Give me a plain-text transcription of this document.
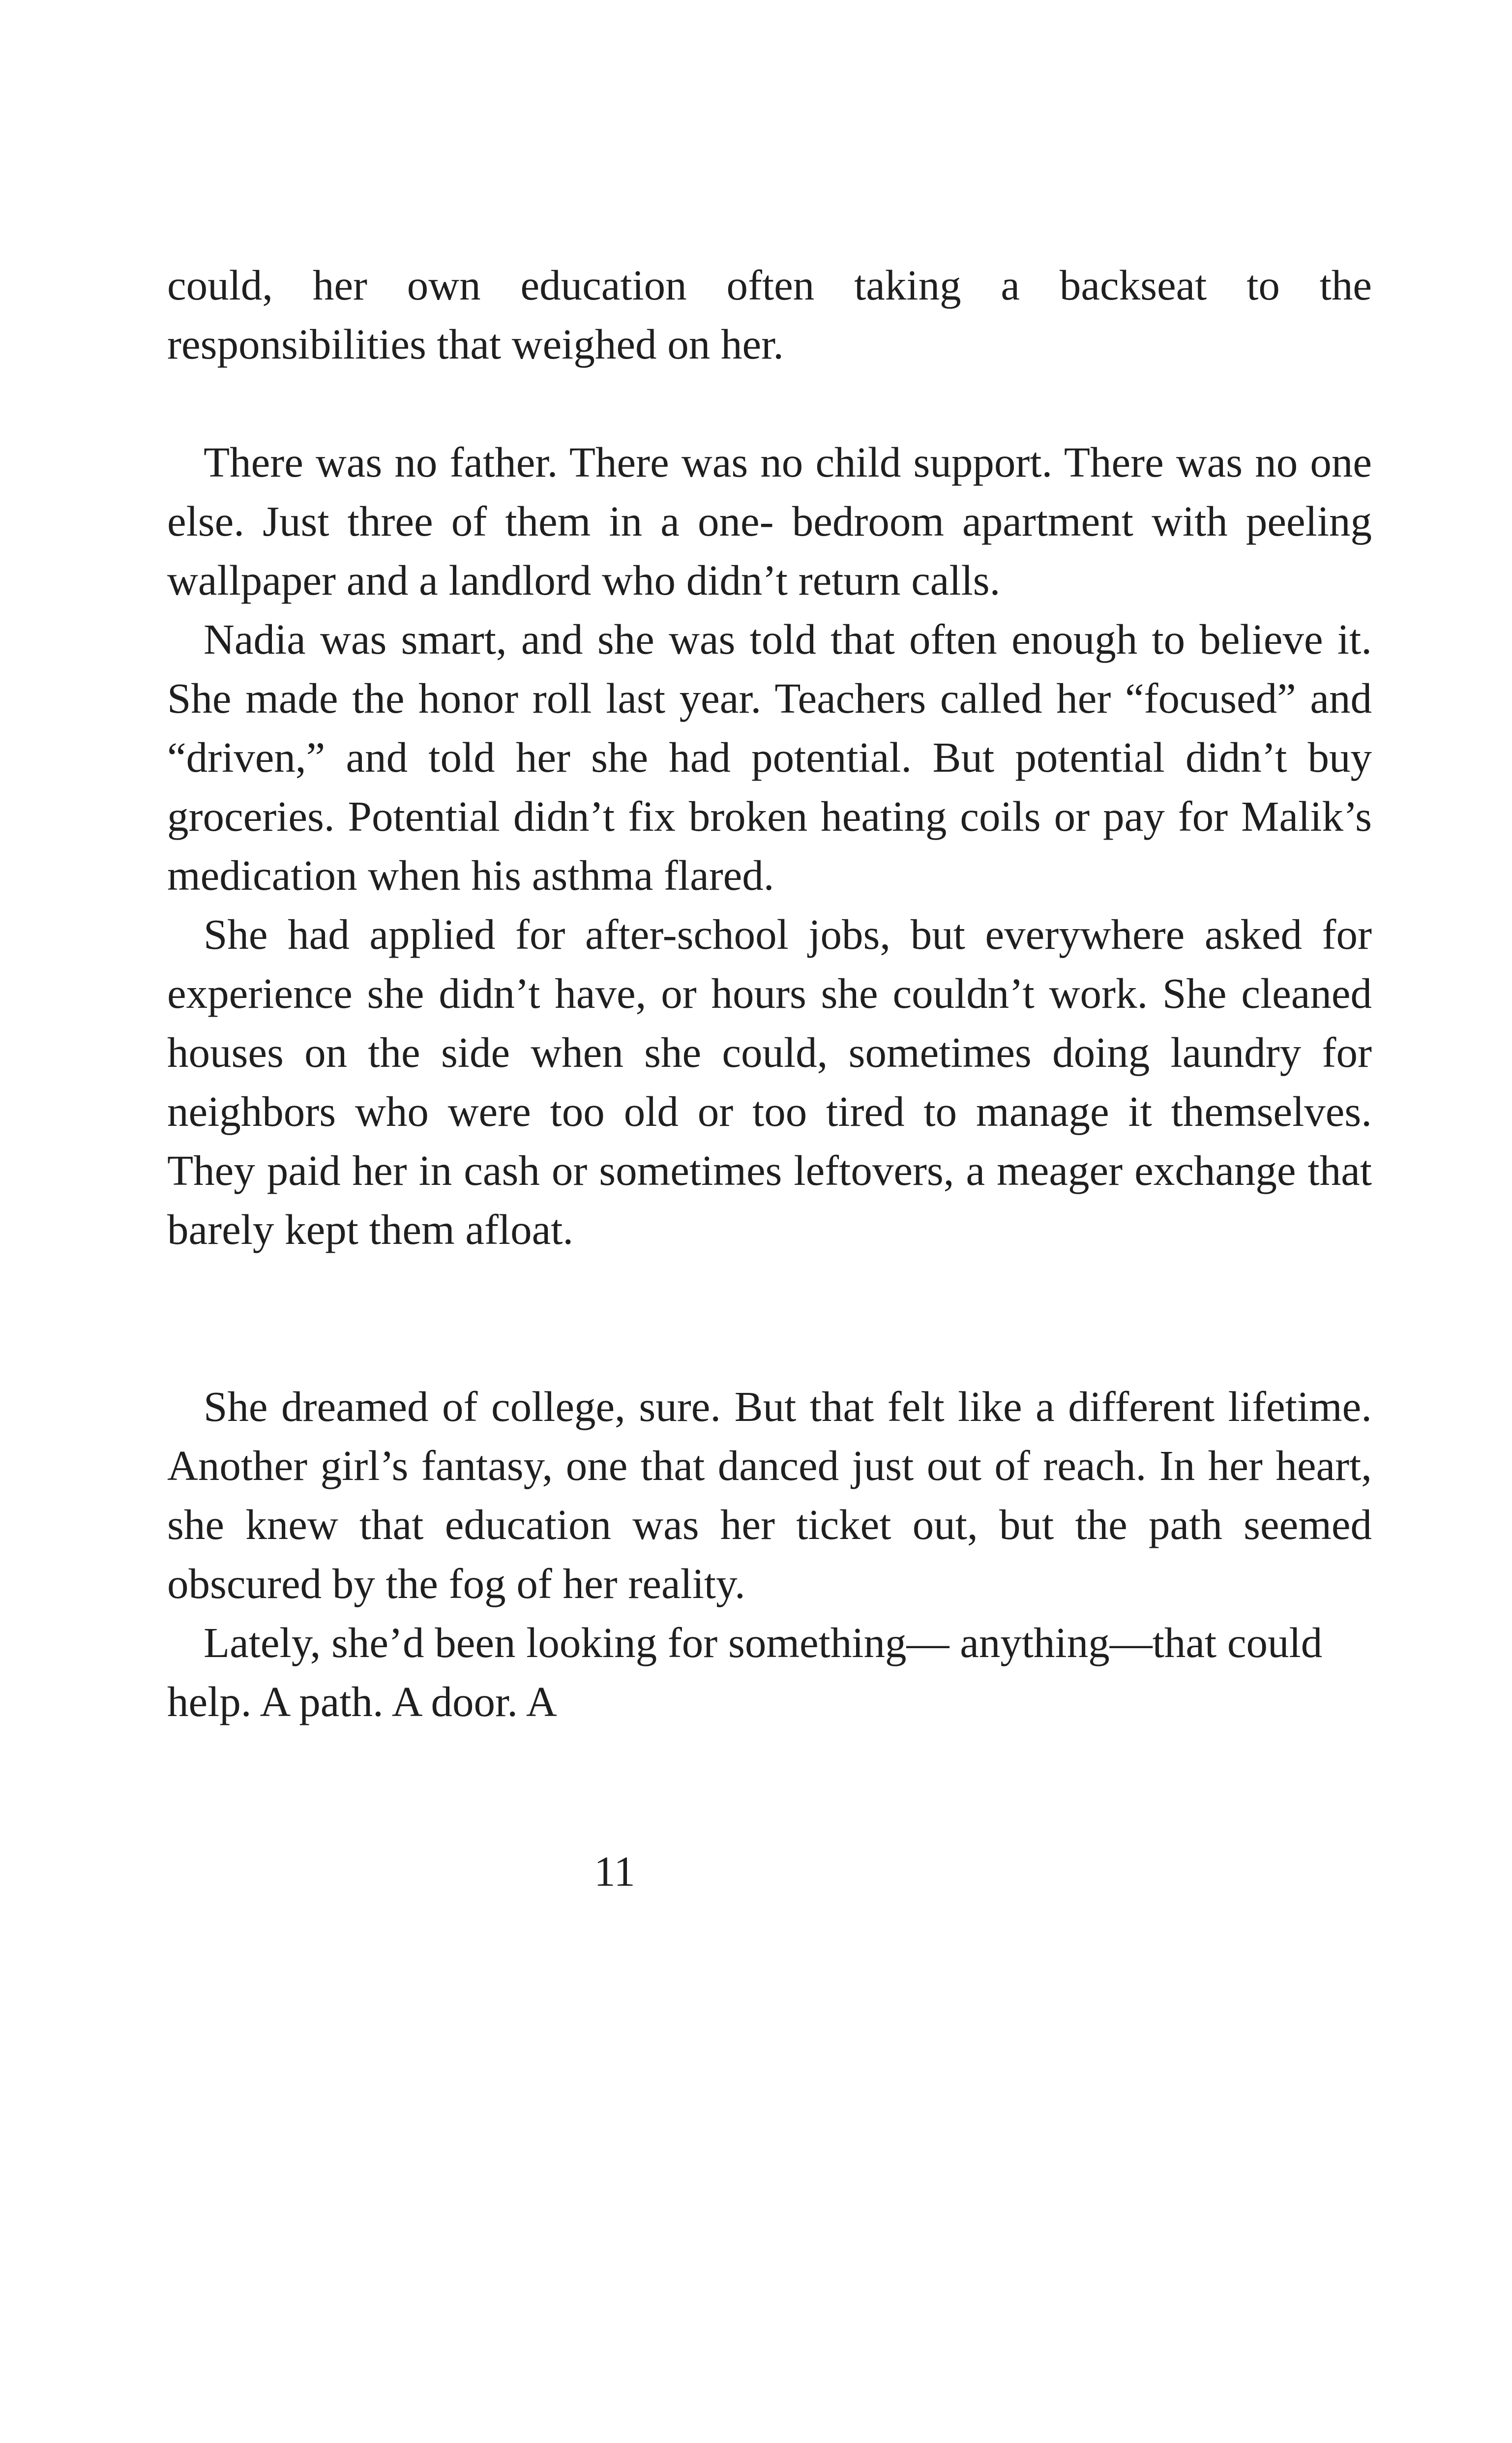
could, her own education often taking a backseat to the responsibilities that weighed on her.

There was no father. There was no child support. There was no one else. Just three of them in a one- bedroom apartment with peeling wallpaper and a landlord who didn’t return calls.

Nadia was smart, and she was told that often enough to believe it. She made the honor roll last year. Teachers called her “focused” and “driven,” and told her she had potential. But potential didn’t buy groceries. Potential didn’t fix broken heating coils or pay for Malik’s medication when his asthma flared.

She had applied for after-school jobs, but everywhere asked for experience she didn’t have, or hours she couldn’t work. She cleaned houses on the side when she could, sometimes doing laundry for neighbors who were too old or too tired to manage it themselves. They paid her in cash or sometimes leftovers, a meager exchange that barely kept them afloat.

She dreamed of college, sure. But that felt like a different lifetime. Another girl’s fantasy, one that danced just out of reach. In her heart, she knew that education was her ticket out, but the path seemed obscured by the fog of her reality.

Lately, she’d been looking for something— anything—that could help. A path. A door. A

11
